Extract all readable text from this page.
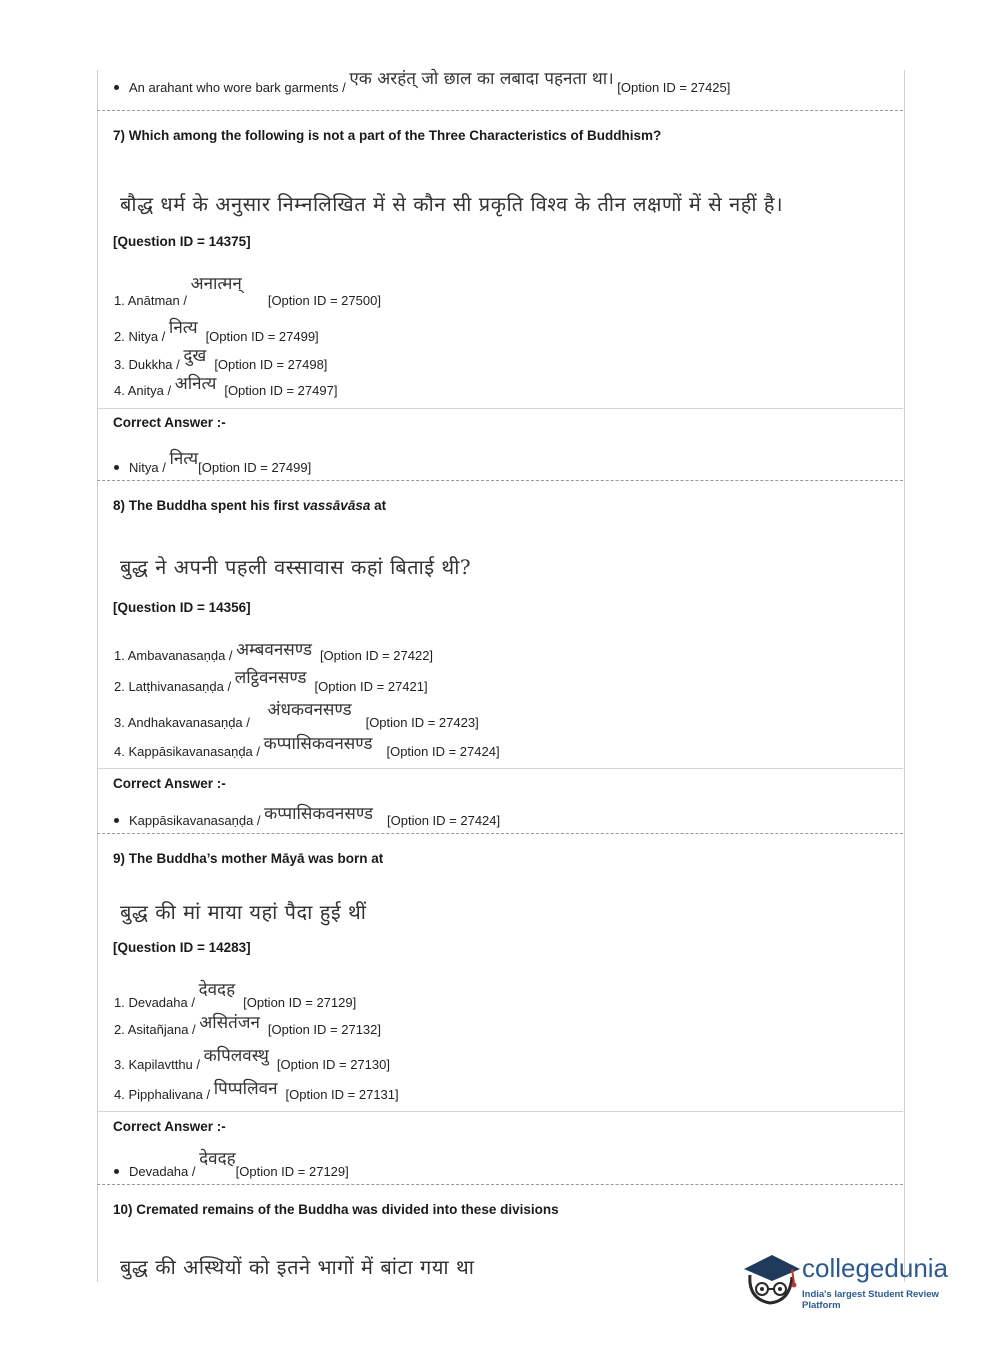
An arahant who wore bark garments / एक अरहंत् जो छाल का लबादा पहनता था। [Option ID = 27425]
7) Which among the following is not a part of the Three Characteristics of Buddhism?
बौद्ध धर्म के अनुसार निम्नलिखित में से कौन सी प्रकृति विश्व के तीन लक्षणों में से नहीं है।
[Question ID = 14375]
1. Anātman / अनात्मन्[Option ID = 27500]
2. Nitya / नित्य [Option ID = 27499]
3. Dukkha / दुख [Option ID = 27498]
4. Anitya / अनित्य [Option ID = 27497]
Correct Answer :-
Nitya / नित्य[Option ID = 27499]
8) The Buddha spent his first vassāvāsa at
बुद्ध ने अपनी पहली वस्सावास कहां बिताई थी?
[Question ID = 14356]
1. Ambavanasaṇḍa / अम्बवनसण्ड [Option ID = 27422]
2. Latṭhivanasaṇḍa / लट्ठिवनसण्ड [Option ID = 27421]
3. Andhakavanasaṇḍa / अंधकवनसण्ड[Option ID = 27423]
4. Kappāsikavanasaṇḍa / कप्पासिकवनसण्ड [Option ID = 27424]
Correct Answer :-
Kappāsikavanasaṇḍa / कप्पासिकवनसण्ड [Option ID = 27424]
9) The Buddha’s mother Māyā was born at
बुद्ध की मां माया यहां पैदा हुई थीं
[Question ID = 14283]
1. Devadaha / देवदह[Option ID = 27129]
2. Asitañjana / असितंजन [Option ID = 27132]
3. Kapilavtthu / कपिलवस्थु [Option ID = 27130]
4. Pipphalivana / पिप्पलिवन [Option ID = 27131]
Correct Answer :-
Devadaha / देवदह[Option ID = 27129]
10) Cremated remains of the Buddha was divided into these divisions
बुद्ध की अस्थियों को इतने भागों में बांटा गया था	collegedunia
India's largest Student Review Platform
